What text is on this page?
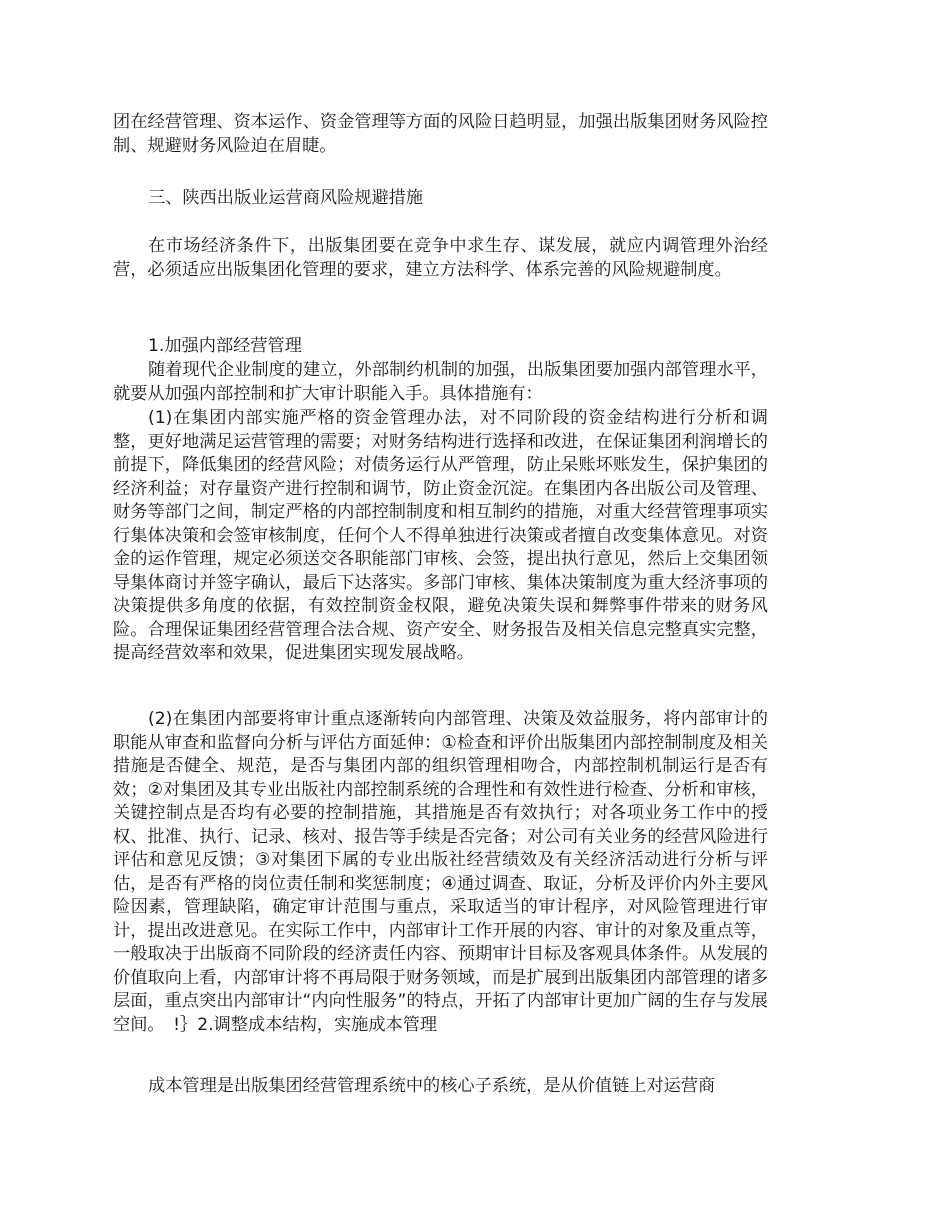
团在经营管理、资本运作、资金管理等方面的风险日趋明显，加强出版集团财务风险控制、规避财务风险迫在眉睫。

三、陕西出版业运营商风险规避措施

在市场经济条件下，出版集团要在竞争中求生存、谋发展，就应内调管理外治经营，必须适应出版集团化管理的要求，建立方法科学、体系完善的风险规避制度。

1.加强内部经营管理

随着现代企业制度的建立，外部制约机制的加强，出版集团要加强内部管理水平，就要从加强内部控制和扩大审计职能入手。具体措施有：

(1)在集团内部实施严格的资金管理办法，对不同阶段的资金结构进行分析和调整，更好地满足运营管理的需要；对财务结构进行选择和改进，在保证集团利润增长的前提下，降低集团的经营风险；对债务运行从严管理，防止呆账坏账发生，保护集团的经济利益；对存量资产进行控制和调节，防止资金沉淀。在集团内各出版公司及管理、财务等部门之间，制定严格的内部控制制度和相互制约的措施，对重大经营管理事项实行集体决策和会签审核制度，任何个人不得单独进行决策或者擅自改变集体意见。对资金的运作管理，规定必须送交各职能部门审核、会签，提出执行意见，然后上交集团领导集体商讨并签字确认，最后下达落实。多部门审核、集体决策制度为重大经济事项的决策提供多角度的依据，有效控制资金权限，避免决策失误和舞弊事件带来的财务风险。合理保证集团经营管理合法合规、资产安全、财务报告及相关信息完整真实完整，提高经营效率和效果，促进集团实现发展战略。

(2)在集团内部要将审计重点逐渐转向内部管理、决策及效益服务，将内部审计的职能从审查和监督向分析与评估方面延伸：①检查和评价出版集团内部控制制度及相关措施是否健全、规范，是否与集团内部的组织管理相吻合，内部控制机制运行是否有效；②对集团及其专业出版社内部控制系统的合理性和有效性进行检查、分析和审核，关键控制点是否均有必要的控制措施，其措施是否有效执行；对各项业务工作中的授权、批准、执行、记录、核对、报告等手续是否完备；对公司有关业务的经营风险进行评估和意见反馈；③对集团下属的专业出版社经营绩效及有关经济活动进行分析与评估，是否有严格的岗位责任制和奖惩制度；④通过调查、取证，分析及评价内外主要风险因素，管理缺陷，确定审计范围与重点，采取适当的审计程序，对风险管理进行审计，提出改进意见。在实际工作中，内部审计工作开展的内容、审计的对象及重点等，一般取决于出版商不同阶段的经济责任内容、预期审计目标及客观具体条件。从发展的价值取向上看，内部审计将不再局限于财务领域，而是扩展到出版集团内部管理的诸多层面，重点突出内部审计“内向性服务”的特点，开拓了内部审计更加广阔的生存与发展空间。　!｝2.调整成本结构，实施成本管理

成本管理是出版集团经营管理系统中的核心子系统，是从价值链上对运营商
